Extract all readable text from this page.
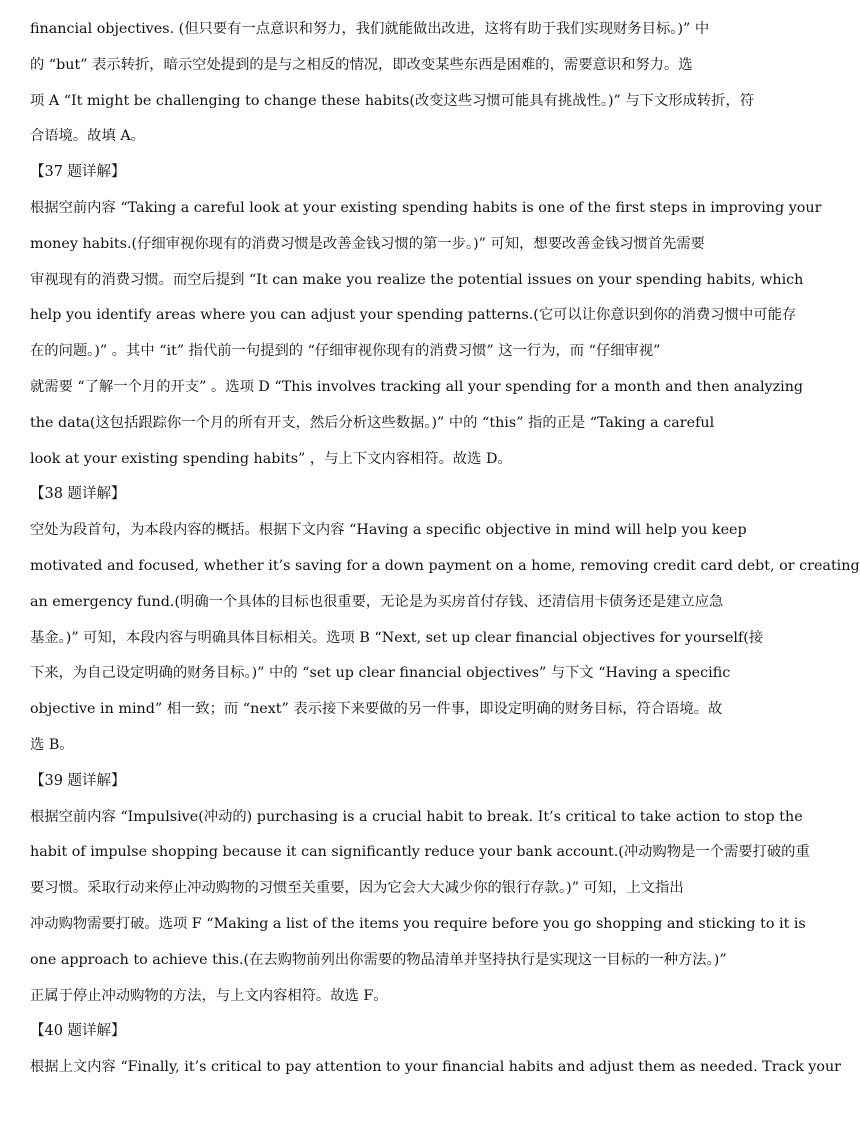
financial objectives. (但只要有一点意识和努力，我们就能做出改进，这将有助于我们实现财务目标。)” 中
的 “but” 表示转折，暗示空处提到的是与之相反的情况，即改变某些东西是困难的，需要意识和努力。选
项 A “It might be challenging to change these habits(改变这些习惯可能具有挑战性。)” 与下文形成转折，符
合语境。故填 A。
【37 题详解】
根据空前内容 “Taking a careful look at your existing spending habits is one of the first steps in improving your
money habits.(仔细审视你现有的消费习惯是改善金钱习惯的第一步。)” 可知，想要改善金钱习惯首先需要
审视现有的消费习惯。而空后提到 “It can make you realize the potential issues on your spending habits, which
help you identify areas where you can adjust your spending patterns.(它可以让你意识到你的消费习惯中可能存
在的问题。)” 。其中 “it” 指代前一句提到的 “仔细审视你现有的消费习惯” 这一行为，而 “仔细审视”
就需要 “了解一个月的开支” 。选项 D “This involves tracking all your spending for a month and then analyzing
the data(这包括跟踪你一个月的所有开支，然后分析这些数据。)” 中的 “this” 指的正是 “Taking a careful
look at your existing spending habits” ，与上下文内容相符。故选 D。
【38 题详解】
空处为段首句，为本段内容的概括。根据下文内容 “Having a specific objective in mind will help you keep
motivated and focused, whether it’s saving for a down payment on a home, removing credit card debt, or creating
an emergency fund.(明确一个具体的目标也很重要，无论是为买房首付存钱、还清信用卡债务还是建立应急
基金。)” 可知，本段内容与明确具体目标相关。选项 B “Next, set up clear financial objectives for yourself(接
下来，为自己设定明确的财务目标。)” 中的 “set up clear financial objectives” 与下文 “Having a specific
objective in mind” 相一致；而 “next” 表示接下来要做的另一件事，即设定明确的财务目标，符合语境。故
选 B。
【39 题详解】
根据空前内容 “Impulsive(冲动的) purchasing is a crucial habit to break. It’s critical to take action to stop the
habit of impulse shopping because it can significantly reduce your bank account.(冲动购物是一个需要打破的重
要习惯。采取行动来停止冲动购物的习惯至关重要，因为它会大大减少你的银行存款。)” 可知，上文指出
冲动购物需要打破。选项 F “Making a list of the items you require before you go shopping and sticking to it is
one approach to achieve this.(在去购物前列出你需要的物品清单并坚持执行是实现这一目标的一种方法。)”
正属于停止冲动购物的方法，与上文内容相符。故选 F。
【40 题详解】
根据上文内容 “Finally, it’s critical to pay attention to your financial habits and adjust them as needed. Track your
